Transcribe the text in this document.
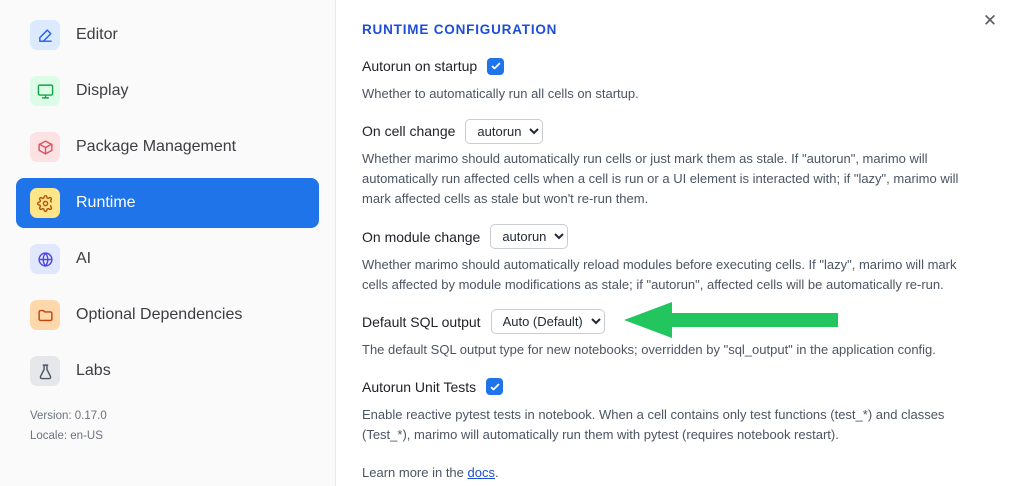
Editor
Display
Package Management
Runtime
AI
Optional Dependencies
Labs
Version: 0.17.0
Locale: en-US
✕
RUNTIME CONFIGURATION
Autorun on startup
Whether to automatically run all cells on startup.
On cell change
autorun
Whether marimo should automatically run cells or just mark them as stale. If "autorun", marimo will automatically run affected cells when a cell is run or a UI element is interacted with; if "lazy", marimo will mark affected cells as stale but won't re-run them.
On module change
autorun
Whether marimo should automatically reload modules before executing cells. If "lazy", marimo will mark cells affected by module modifications as stale; if "autorun", affected cells will be automatically re-run.
Default SQL output
Auto (Default)
The default SQL output type for new notebooks; overridden by "sql_output" in the application config.
Autorun Unit Tests
Enable reactive pytest tests in notebook. When a cell contains only test functions (test_*) and classes (Test_*), marimo will automatically run them with pytest (requires notebook restart).
Learn more in the docs.
